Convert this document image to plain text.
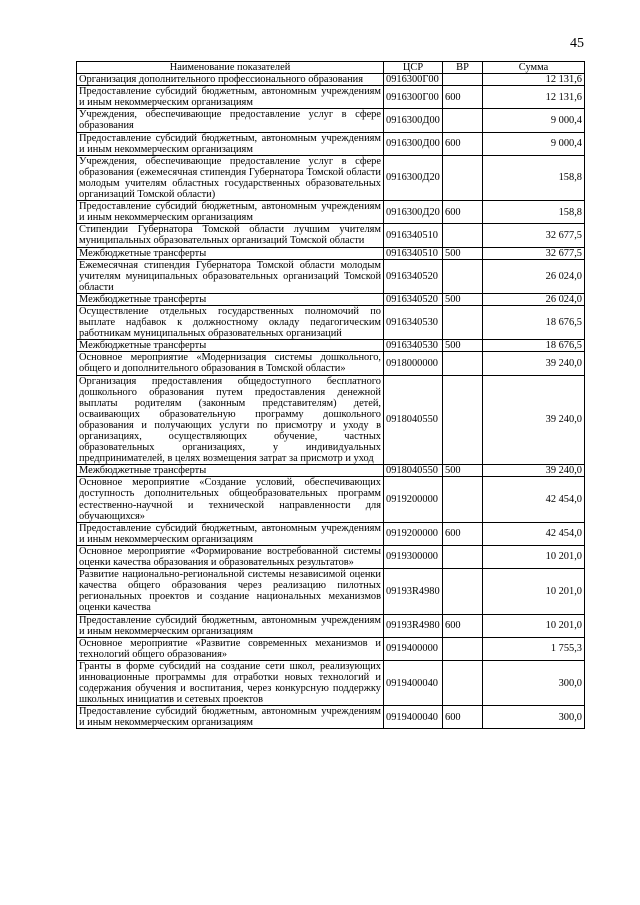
45
Наименование показателей	ЦСР	ВР	Сумма
Организация дополнительного профессионального образования	0916300Г00		12 131,6
Предоставление субсидий бюджетным, автономным учреждениям и иным некоммерческим организациям	0916300Г00	600	12 131,6
Учреждения, обеспечивающие предоставление услуг в сфере образования	0916300Д00		9 000,4
Предоставление субсидий бюджетным, автономным учреждениям и иным некоммерческим организациям	0916300Д00	600	9 000,4
Учреждения, обеспечивающие предоставление услуг в сфере образования (ежемесячная стипендия Губернатора Томской области молодым учителям областных государственных образовательных организаций Томской области)	0916300Д20		158,8
Предоставление субсидий бюджетным, автономным учреждениям и иным некоммерческим организациям	0916300Д20	600	158,8
Стипендии Губернатора Томской области лучшим учителям муниципальных образовательных организаций Томской области	0916340510		32 677,5
Межбюджетные трансферты	0916340510	500	32 677,5
Ежемесячная стипендия Губернатора Томской области молодым учителям муниципальных образовательных организаций Томской области	0916340520		26 024,0
Межбюджетные трансферты	0916340520	500	26 024,0
Осуществление отдельных государственных полномочий по выплате надбавок к должностному окладу педагогическим работникам муниципальных образовательных организаций	0916340530		18 676,5
Межбюджетные трансферты	0916340530	500	18 676,5
Основное мероприятие «Модернизация системы дошкольного, общего и дополнительного образования в Томской области»	0918000000		39 240,0
Организация предоставления общедоступного бесплатного дошкольного образования путем предоставления денежной выплаты родителям (законным представителям) детей, осваивающих образовательную программу дошкольного образования и получающих услуги по присмотру и уходу в организациях, осуществляющих обучение, частных образовательных организациях, у индивидуальных предпринимателей, в целях возмещения затрат за присмотр и уход	0918040550		39 240,0
Межбюджетные трансферты	0918040550	500	39 240,0
Основное мероприятие «Создание условий, обеспечивающих доступность дополнительных общеобразовательных программ естественно-научной и технической направленности для обучающихся»	0919200000		42 454,0
Предоставление субсидий бюджетным, автономным учреждениям и иным некоммерческим организациям	0919200000	600	42 454,0
Основное мероприятие «Формирование востребованной системы оценки качества образования и образовательных результатов»	0919300000		10 201,0
Развитие национально-региональной системы независимой оценки качества общего образования через реализацию пилотных региональных проектов и создание национальных механизмов оценки качества	09193R4980		10 201,0
Предоставление субсидий бюджетным, автономным учреждениям и иным некоммерческим организациям	09193R4980	600	10 201,0
Основное мероприятие «Развитие современных механизмов и технологий общего образования»	0919400000		1 755,3
Гранты в форме субсидий на создание сети школ, реализующих инновационные программы для отработки новых технологий и содержания обучения и воспитания, через конкурсную поддержку школьных инициатив и сетевых проектов	0919400040		300,0
Предоставление субсидий бюджетным, автономным учреждениям и иным некоммерческим организациям	0919400040	600	300,0
